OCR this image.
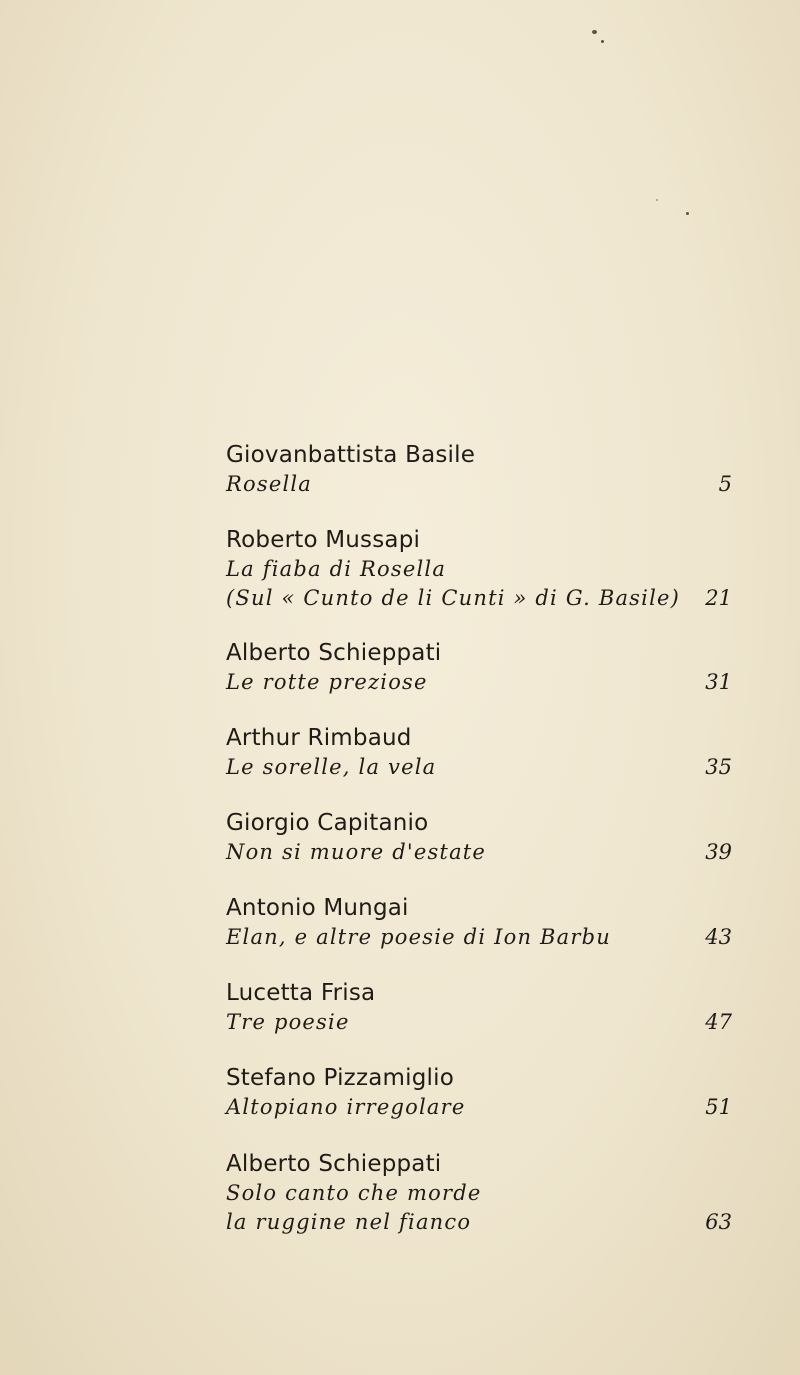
Giovanbattista Basile
Rosella	5
Roberto Mussapi
La fiaba di Rosella
(Sul « Cunto de li Cunti » di G. Basile)	21
Alberto Schieppati
Le rotte preziose	31
Arthur Rimbaud
Le sorelle, la vela	35
Giorgio Capitanio
Non si muore d'estate	39
Antonio Mungai
Elan, e altre poesie di Ion Barbu	43
Lucetta Frisa
Tre poesie	47
Stefano Pizzamiglio
Altopiano irregolare	51
Alberto Schieppati
Solo canto che morde
la ruggine nel fianco	63
